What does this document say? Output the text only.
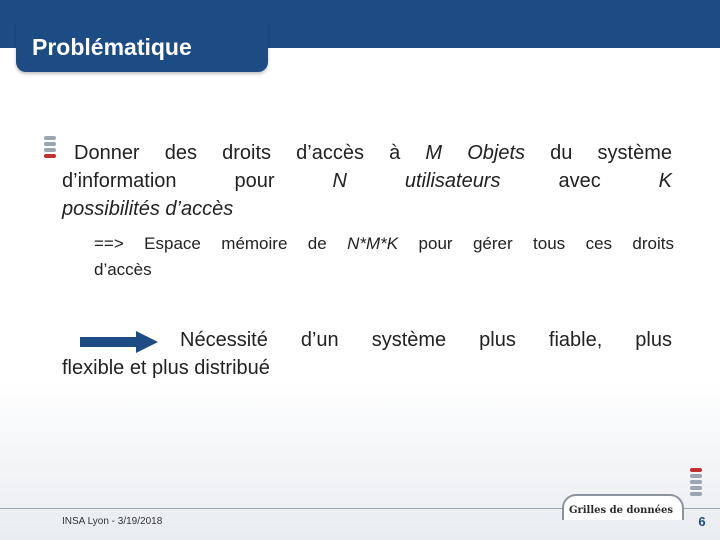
Problématique
Donner des droits d’accès à M Objets du système
d’information pour N utilisateurs avec K
possibilités d’accès
==> Espace mémoire de N*M*K pour gérer tous ces droits
d’accès
Nécessité d’un système plus fiable, plus
flexible et plus distribué
INSA Lyon - 3/19/2018
Grilles de données
6
